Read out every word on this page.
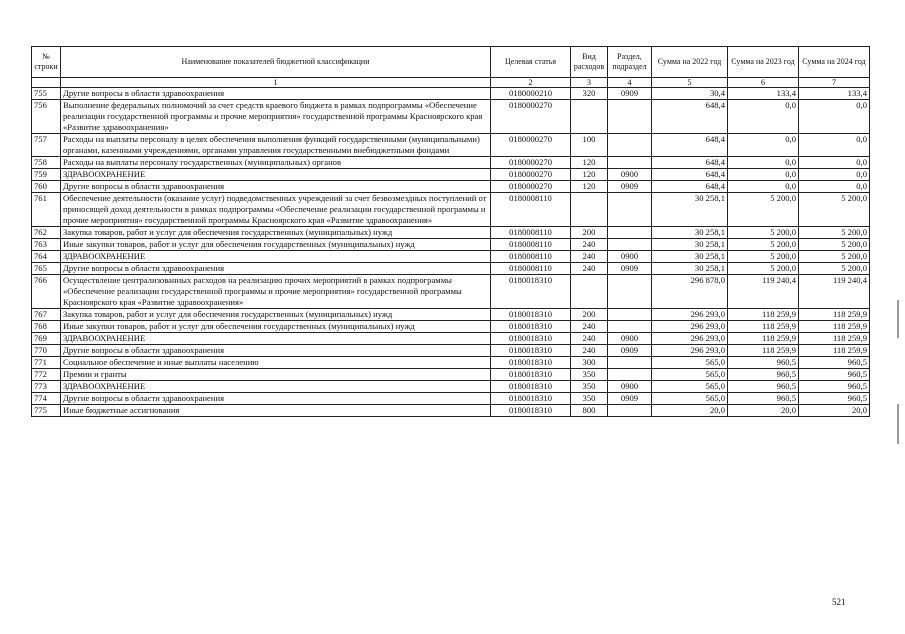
№ строки	Наименование показателей бюджетной классификации	Целевая статья	Вид расходов	Раздел, подраздел	Сумма на 2022 год	Сумма на 2023 год	Сумма на 2024 год
	1	2	3	4	5	6	7
755	Другие вопросы в области здравоохранения	0180000210	320	0909	30,4	133,4	133,4
756	Выполнение федеральных полномочий за счет средств краевого бюджета в рамках подпрограммы «Обеспечение реализации государственной программы и прочие мероприятия» государственной программы Красноярского края «Развитие здравоохранения»	0180000270			648,4	0,0	0,0
757	Расходы на выплаты персоналу в целях обеспечения выполнения функций государственными (муниципальными) органами, казенными учреждениями, органами управления государственными внебюджетными фондами	0180000270	100		648,4	0,0	0,0
758	Расходы на выплаты персоналу государственных (муниципальных) органов	0180000270	120		648,4	0,0	0,0
759	ЗДРАВООХРАНЕНИЕ	0180000270	120	0900	648,4	0,0	0,0
760	Другие вопросы в области здравоохранения	0180000270	120	0909	648,4	0,0	0,0
761	Обеспечение деятельности (оказание услуг) подведомственных учреждений за счет безвозмездных поступлений от приносящей доход деятельности в рамках подпрограммы «Обеспечение реализации государственной программы и прочие мероприятия» государственной программы Красноярского края «Развитие здравоохранения»	0180008110			30 258,1	5 200,0	5 200,0
762	Закупка товаров, работ и услуг для обеспечения государственных (муниципальных) нужд	0180008110	200		30 258,1	5 200,0	5 200,0
763	Иные закупки товаров, работ и услуг для обеспечения государственных (муниципальных) нужд	0180008110	240		30 258,1	5 200,0	5 200,0
764	ЗДРАВООХРАНЕНИЕ	0180008110	240	0900	30 258,1	5 200,0	5 200,0
765	Другие вопросы в области здравоохранения	0180008110	240	0909	30 258,1	5 200,0	5 200,0
766	Осуществление централизованных расходов на реализацию прочих мероприятий в рамках подпрограммы «Обеспечение реализации государственной программы и прочие мероприятия» государственной программы Красноярского края «Развитие здравоохранения»	0180018310			296 878,0	119 240,4	119 240,4
767	Закупка товаров, работ и услуг для обеспечения государственных (муниципальных) нужд	0180018310	200		296 293,0	118 259,9	118 259,9
768	Иные закупки товаров, работ и услуг для обеспечения государственных (муниципальных) нужд	0180018310	240		296 293,0	118 259,9	118 259,9
769	ЗДРАВООХРАНЕНИЕ	0180018310	240	0900	296 293,0	118 259,9	118 259,9
770	Другие вопросы в области здравоохранения	0180018310	240	0909	296 293,0	118 259,9	118 259,9
771	Социальное обеспечение и иные выплаты населению	0180018310	300		565,0	960,5	960,5
772	Премии и гранты	0180018310	350		565,0	960,5	960,5
773	ЗДРАВООХРАНЕНИЕ	0180018310	350	0900	565,0	960,5	960,5
774	Другие вопросы в области здравоохранения	0180018310	350	0909	565,0	960,5	960,5
775	Иные бюджетные ассигнования	0180018310	800		20,0	20,0	20,0
521
